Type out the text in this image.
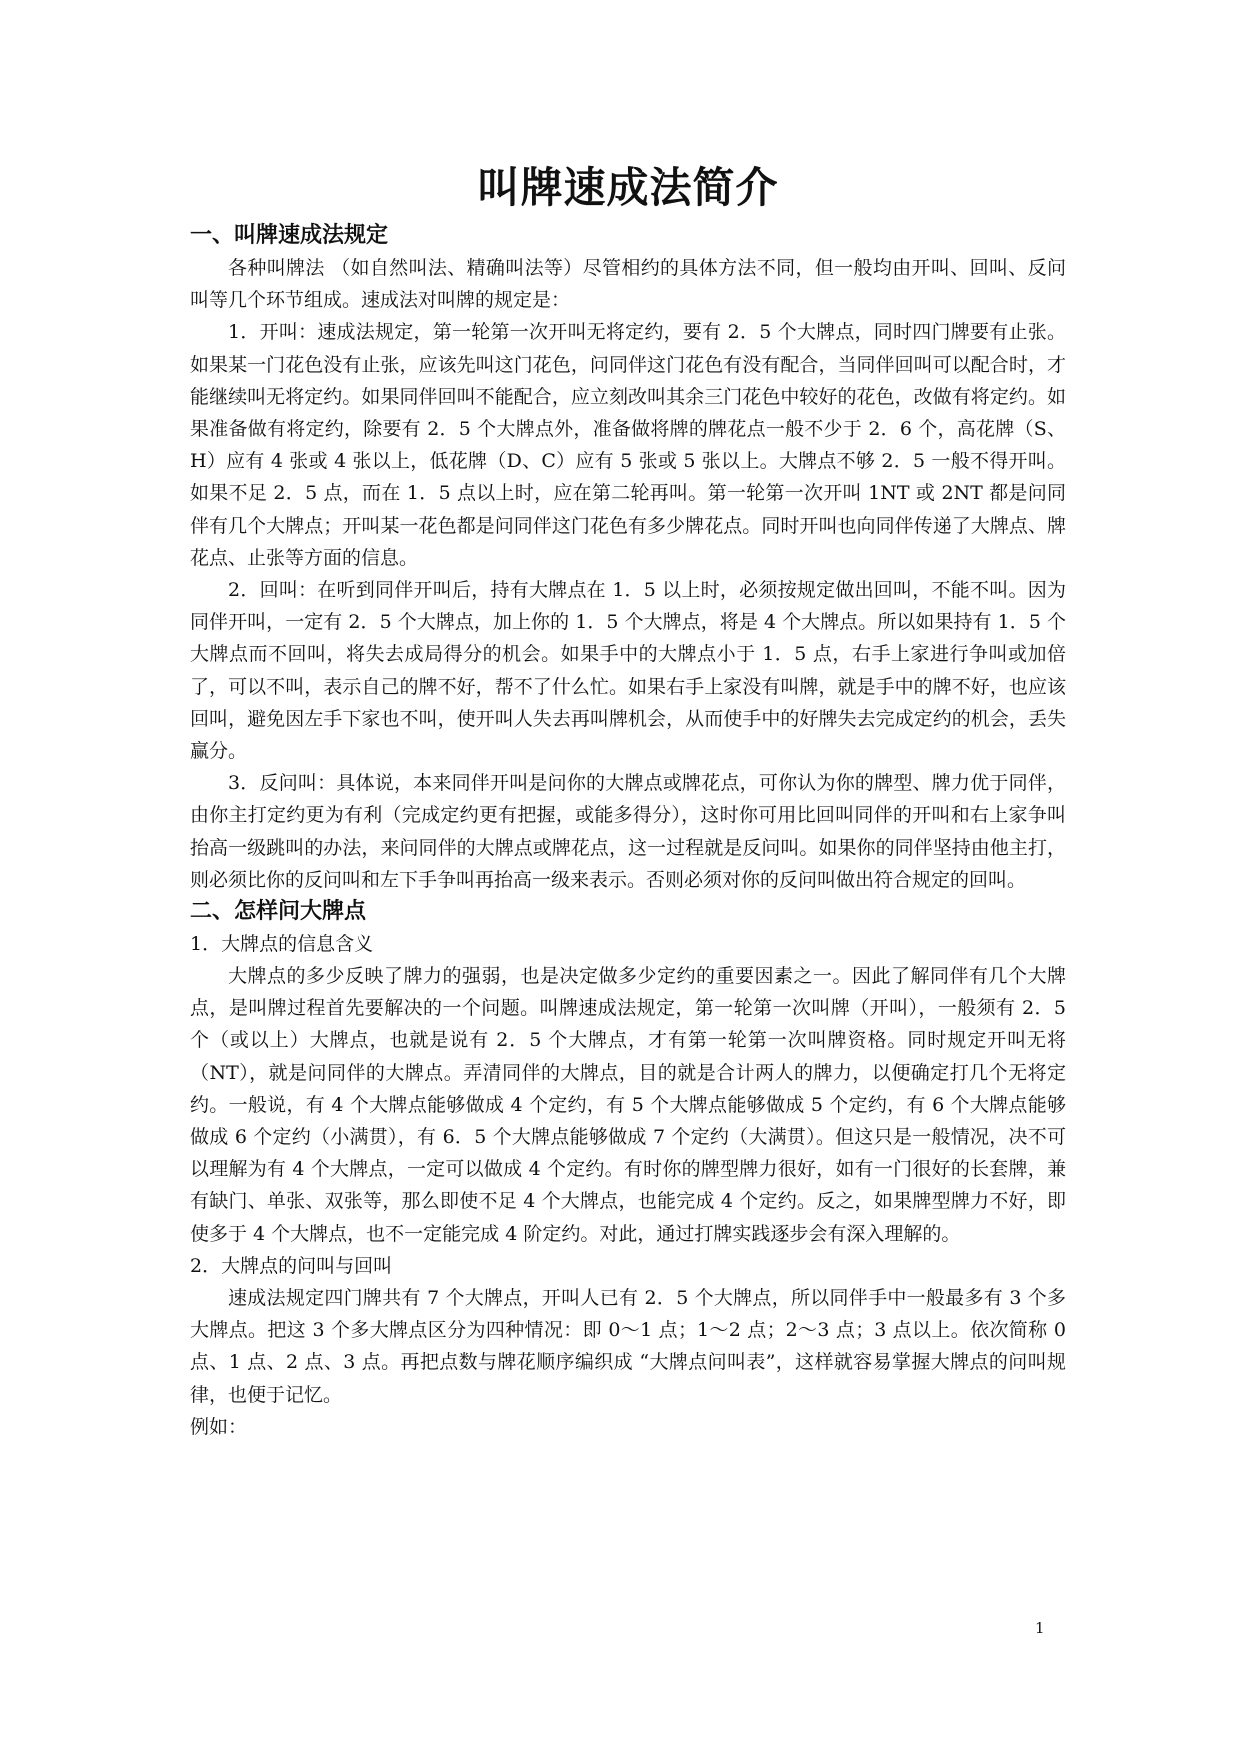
叫牌速成法简介
一、叫牌速成法规定

各种叫牌法 （如自然叫法、精确叫法等）尽管相约的具体方法不同，但一般均由开叫、回叫、反问叫等几个环节组成。速成法对叫牌的规定是：

1．开叫：速成法规定，第一轮第一次开叫无将定约，要有 2．5 个大牌点，同时四门牌要有止张。如果某一门花色没有止张，应该先叫这门花色，问同伴这门花色有没有配合，当同伴回叫可以配合时，才能继续叫无将定约。如果同伴回叫不能配合，应立刻改叫其余三门花色中较好的花色，改做有将定约。如果准备做有将定约，除要有 2．5 个大牌点外，准备做将牌的牌花点一般不少于 2．6 个，高花牌（S、H）应有 4 张或 4 张以上，低花牌（D、C）应有 5 张或 5 张以上。大牌点不够 2．5 一般不得开叫。如果不足 2．5 点，而在 1．5 点以上时，应在第二轮再叫。第一轮第一次开叫 1NT 或 2NT 都是问同伴有几个大牌点；开叫某一花色都是问同伴这门花色有多少牌花点。同时开叫也向同伴传递了大牌点、牌花点、止张等方面的信息。

2．回叫：在听到同伴开叫后，持有大牌点在 1．5 以上时，必须按规定做出回叫，不能不叫。因为同伴开叫，一定有 2．5 个大牌点，加上你的 1．5 个大牌点，将是 4 个大牌点。所以如果持有 1．5 个大牌点而不回叫，将失去成局得分的机会。如果手中的大牌点小于 1．5 点，右手上家进行争叫或加倍了，可以不叫，表示自己的牌不好，帮不了什么忙。如果右手上家没有叫牌，就是手中的牌不好，也应该回叫，避免因左手下家也不叫，使开叫人失去再叫牌机会，从而使手中的好牌失去完成定约的机会，丢失赢分。

3．反问叫：具体说，本来同伴开叫是问你的大牌点或牌花点，可你认为你的牌型、牌力优于同伴，由你主打定约更为有利（完成定约更有把握，或能多得分），这时你可用比回叫同伴的开叫和右上家争叫抬高一级跳叫的办法，来问同伴的大牌点或牌花点，这一过程就是反问叫。如果你的同伴坚持由他主打，则必须比你的反问叫和左下手争叫再抬高一级来表示。否则必须对你的反问叫做出符合规定的回叫。

二、怎样问大牌点
1．大牌点的信息含义

大牌点的多少反映了牌力的强弱，也是决定做多少定约的重要因素之一。因此了解同伴有几个大牌点，是叫牌过程首先要解决的一个问题。叫牌速成法规定，第一轮第一次叫牌（开叫），一般须有 2．5 个（或以上）大牌点，也就是说有 2．5 个大牌点，才有第一轮第一次叫牌资格。同时规定开叫无将（NT），就是问同伴的大牌点。弄清同伴的大牌点，目的就是合计两人的牌力，以便确定打几个无将定约。一般说，有 4 个大牌点能够做成 4 个定约，有 5 个大牌点能够做成 5 个定约，有 6 个大牌点能够做成 6 个定约（小满贯），有 6．5 个大牌点能够做成 7 个定约（大满贯）。但这只是一般情况，决不可以理解为有 4 个大牌点，一定可以做成 4 个定约。有时你的牌型牌力很好，如有一门很好的长套牌，兼有缺门、单张、双张等，那么即使不足 4 个大牌点，也能完成 4 个定约。反之，如果牌型牌力不好，即使多于 4 个大牌点，也不一定能完成 4 阶定约。对此，通过打牌实践逐步会有深入理解的。

2．大牌点的问叫与回叫

速成法规定四门牌共有 7 个大牌点，开叫人已有 2．5 个大牌点，所以同伴手中一般最多有 3 个多大牌点。把这 3 个多大牌点区分为四种情况：即 0～1 点；1～2 点；2～3 点；3 点以上。依次简称 0 点、1 点、2 点、3 点。再把点数与牌花顺序编织成 “大牌点问叫表”，这样就容易掌握大牌点的问叫规律，也便于记忆。

例如：
1
